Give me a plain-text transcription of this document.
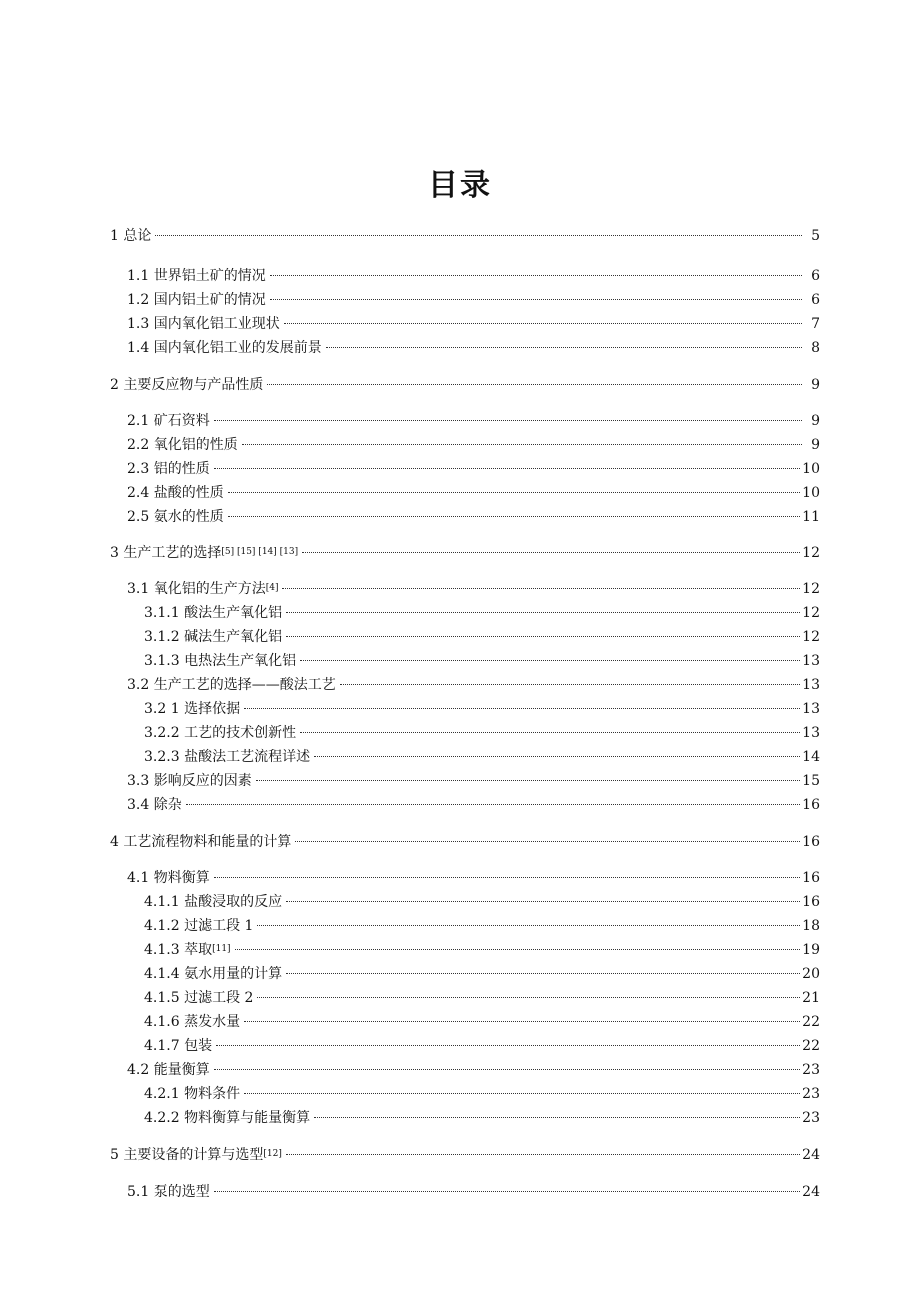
目录
1 总论	5
1.1 世界铝土矿的情况	6
1.2 国内铝土矿的情况	6
1.3 国内氧化铝工业现状	7
1.4 国内氧化铝工业的发展前景	8
2 主要反应物与产品性质	9
2.1 矿石资料	9
2.2 氧化铝的性质	9
2.3 铝的性质	10
2.4 盐酸的性质	10
2.5 氨水的性质	11
3 生产工艺的选择[5] [15] [14] [13]	12
3.1 氧化铝的生产方法[4]	12
3.1.1 酸法生产氧化铝	12
3.1.2 碱法生产氧化铝	12
3.1.3 电热法生产氧化铝	13
3.2 生产工艺的选择——酸法工艺	13
3.2 1 选择依据	13
3.2.2 工艺的技术创新性	13
3.2.3 盐酸法工艺流程详述	14
3.3 影响反应的因素	15
3.4 除杂	16
4 工艺流程物料和能量的计算	16
4.1 物料衡算	16
4.1.1 盐酸浸取的反应	16
4.1.2 过滤工段 1	18
4.1.3 萃取[11]	19
4.1.4 氨水用量的计算	20
4.1.5 过滤工段 2	21
4.1.6 蒸发水量	22
4.1.7 包装	22
4.2 能量衡算	23
4.2.1 物料条件	23
4.2.2 物料衡算与能量衡算	23
5 主要设备的计算与选型[12]	24
5.1 泵的选型	24
